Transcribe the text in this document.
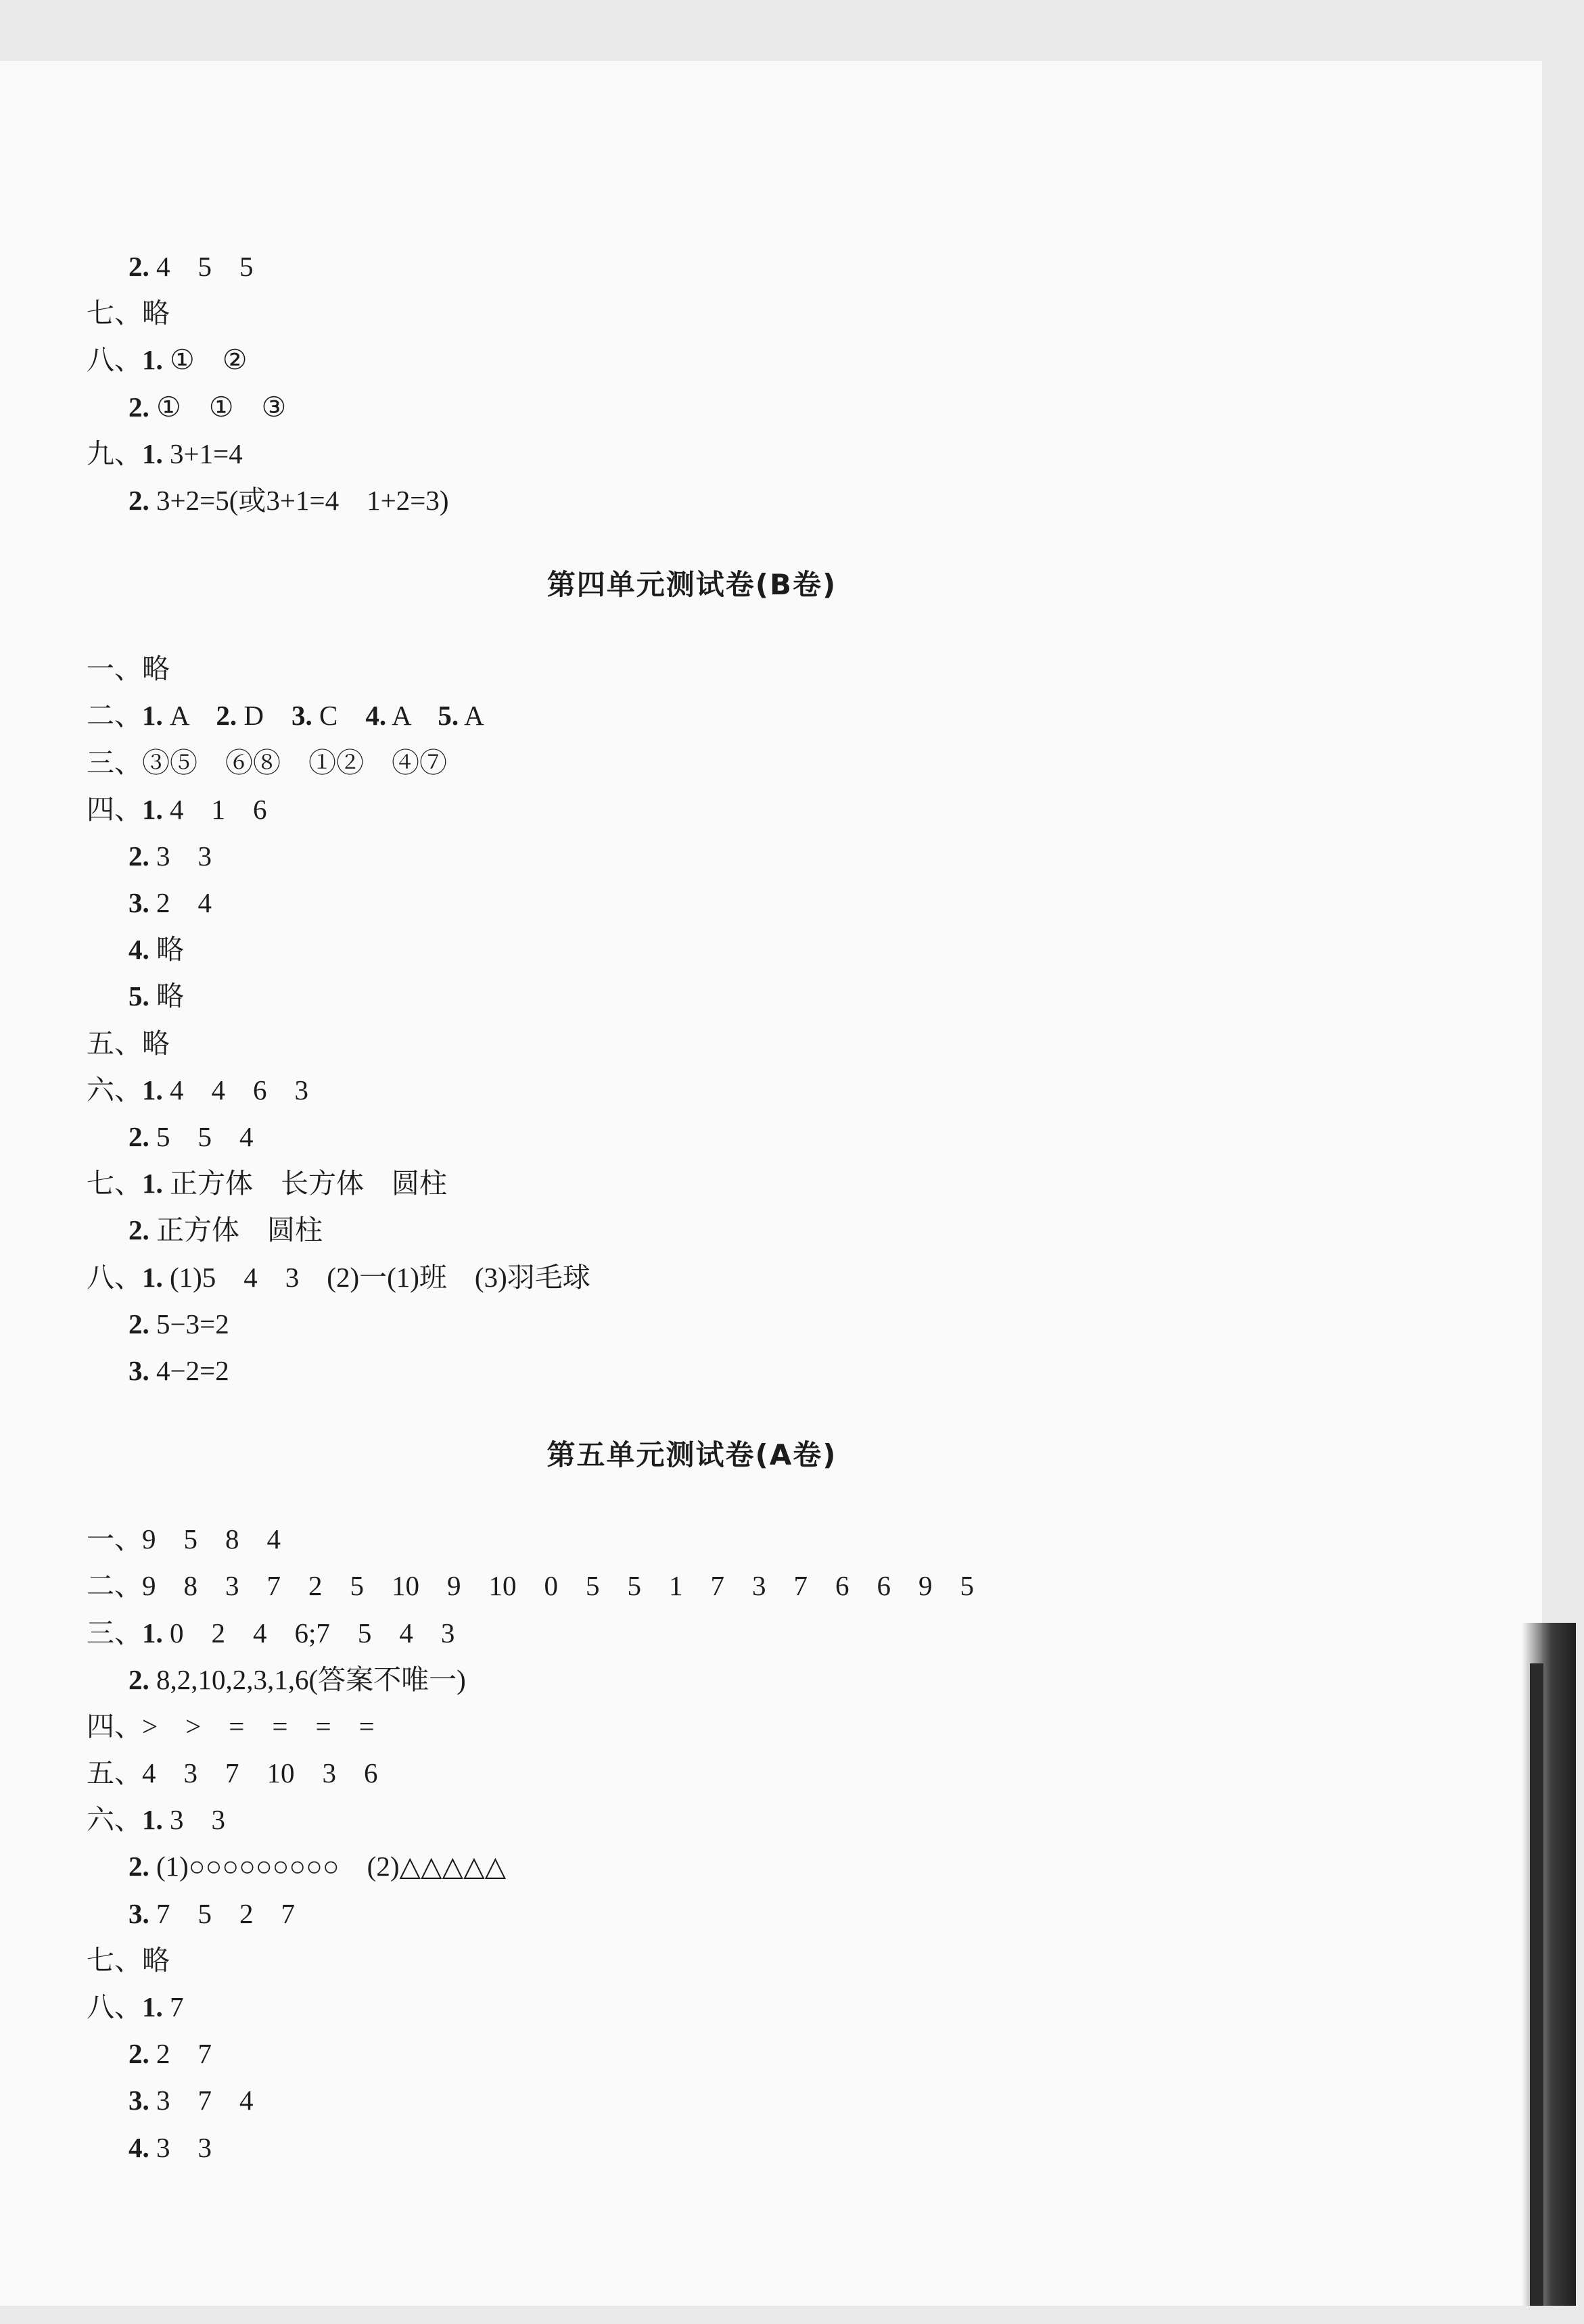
2. 4　5　5
七、略
八、1. ①　②
2. ①　①　③
九、1. 3+1=4
2. 3+2=5(或3+1=4　1+2=3)
第四单元测试卷(B卷)
一、略
二、1. A　2. D　3. C　4. A　5. A
三、③⑤　⑥⑧　①②　④⑦
四、1. 4　1　6
2. 3　3
3. 2　4
4. 略
5. 略
五、略
六、1. 4　4　6　3
2. 5　5　4
七、1. 正方体　长方体　圆柱
2. 正方体　圆柱
八、1. (1)5　4　3　(2)一(1)班　(3)羽毛球
2. 5−3=2
3. 4−2=2
第五单元测试卷(A卷)
一、9　5　8　4
二、9　8　3　7　2　5　10　9　10　0　5　5　1　7　3　7　6　6　9　5
三、1. 0　2　4　6;7　5　4　3
2. 8,2,10,2,3,1,6(答案不唯一)
四、>　>　=　=　=　=
五、4　3　7　10　3　6
六、1. 3　3
2. (1)○○○○○○○○○　(2)△△△△△
3. 7　5　2　7
七、略
八、1. 7
2. 2　7
3. 3　7　4
4. 3　3
